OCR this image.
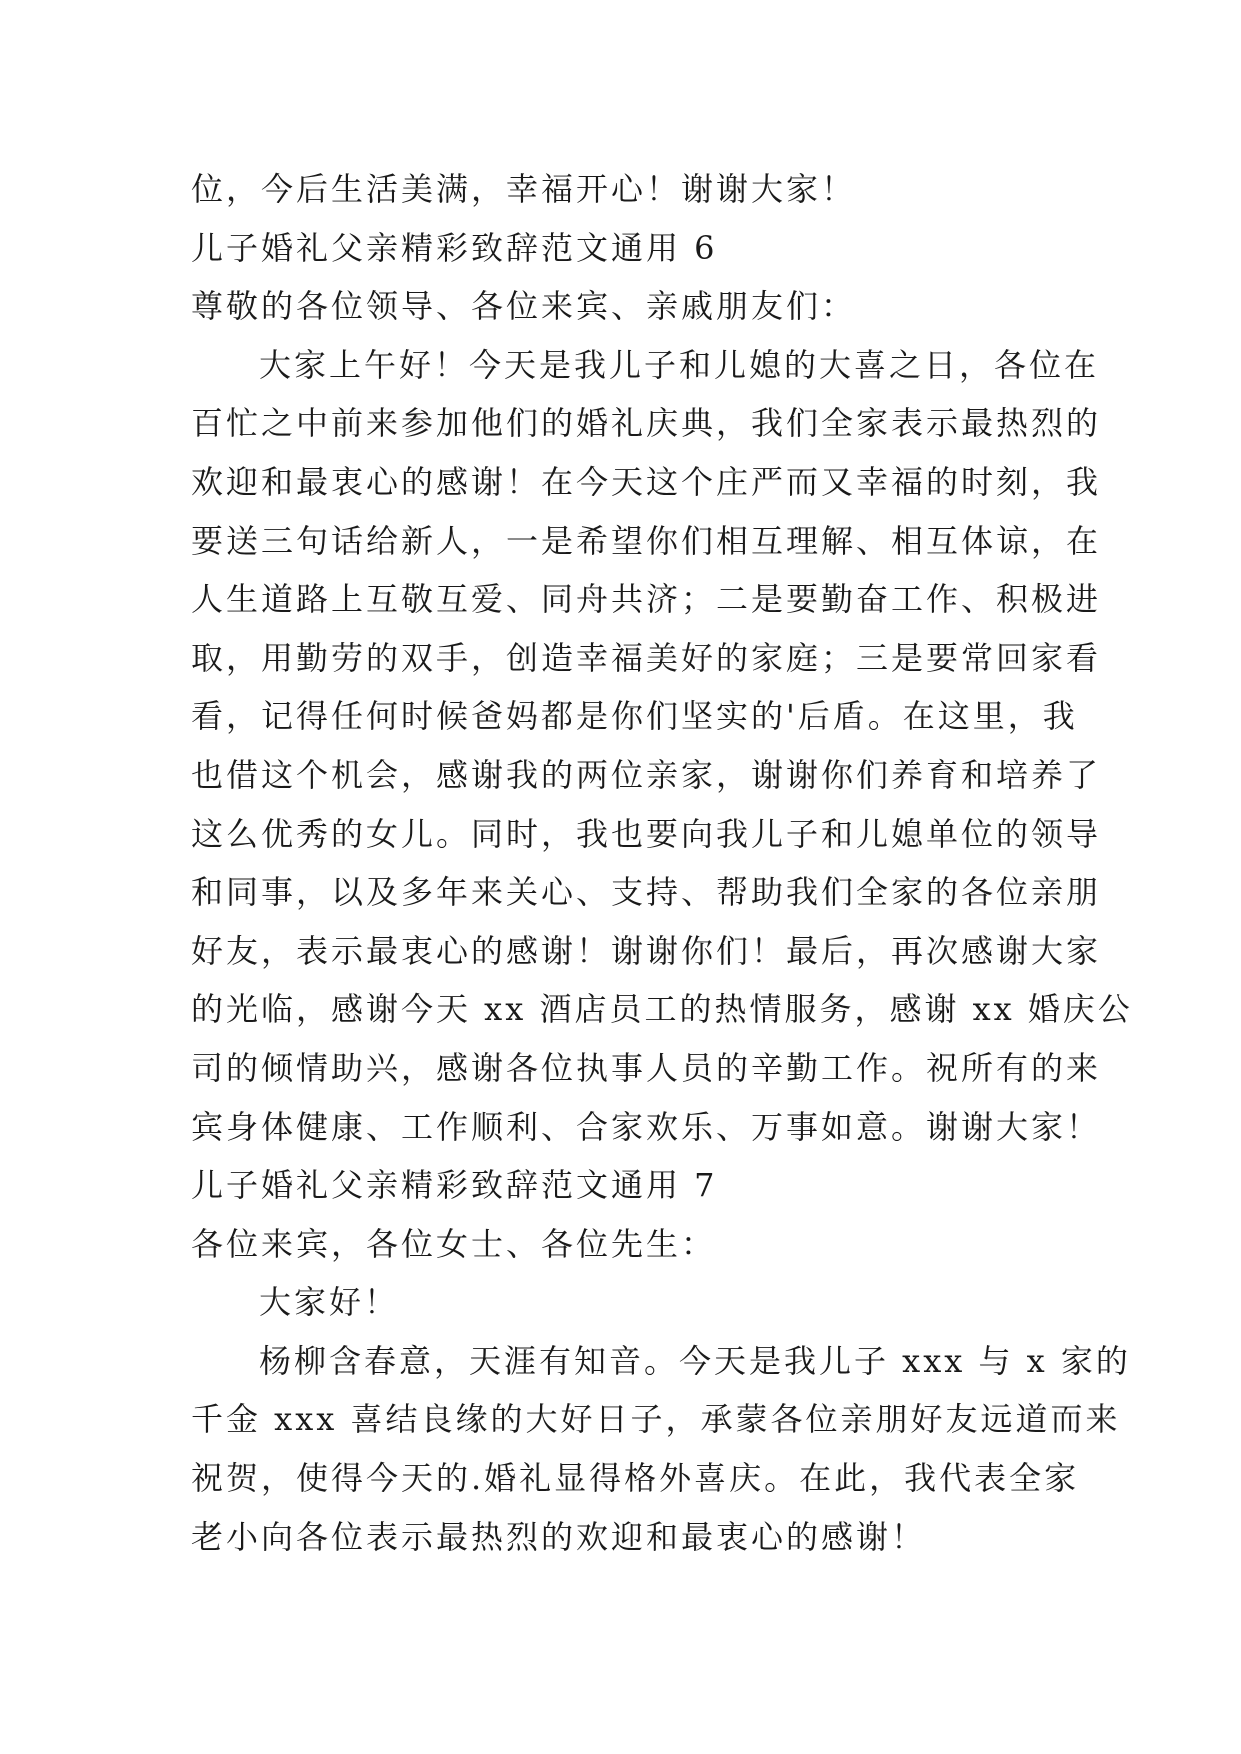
位，今后生活美满，幸福开心！谢谢大家！
儿子婚礼父亲精彩致辞范文通用 6
尊敬的各位领导、各位来宾、亲戚朋友们：
大家上午好！今天是我儿子和儿媳的大喜之日，各位在
百忙之中前来参加他们的婚礼庆典，我们全家表示最热烈的
欢迎和最衷心的感谢！在今天这个庄严而又幸福的时刻，我
要送三句话给新人，一是希望你们相互理解、相互体谅，在
人生道路上互敬互爱、同舟共济；二是要勤奋工作、积极进
取，用勤劳的双手，创造幸福美好的家庭；三是要常回家看
看，记得任何时候爸妈都是你们坚实的'后盾。在这里，我
也借这个机会，感谢我的两位亲家，谢谢你们养育和培养了
这么优秀的女儿。同时，我也要向我儿子和儿媳单位的领导
和同事，以及多年来关心、支持、帮助我们全家的各位亲朋
好友，表示最衷心的感谢！谢谢你们！最后，再次感谢大家
的光临，感谢今天 xx 酒店员工的热情服务，感谢 xx 婚庆公
司的倾情助兴，感谢各位执事人员的辛勤工作。祝所有的来
宾身体健康、工作顺利、合家欢乐、万事如意。谢谢大家！
儿子婚礼父亲精彩致辞范文通用 7
各位来宾，各位女士、各位先生：
大家好！
杨柳含春意，天涯有知音。今天是我儿子 xxx 与 x 家的
千金 xxx 喜结良缘的大好日子，承蒙各位亲朋好友远道而来
祝贺，使得今天的.婚礼显得格外喜庆。在此，我代表全家
老小向各位表示最热烈的欢迎和最衷心的感谢！
